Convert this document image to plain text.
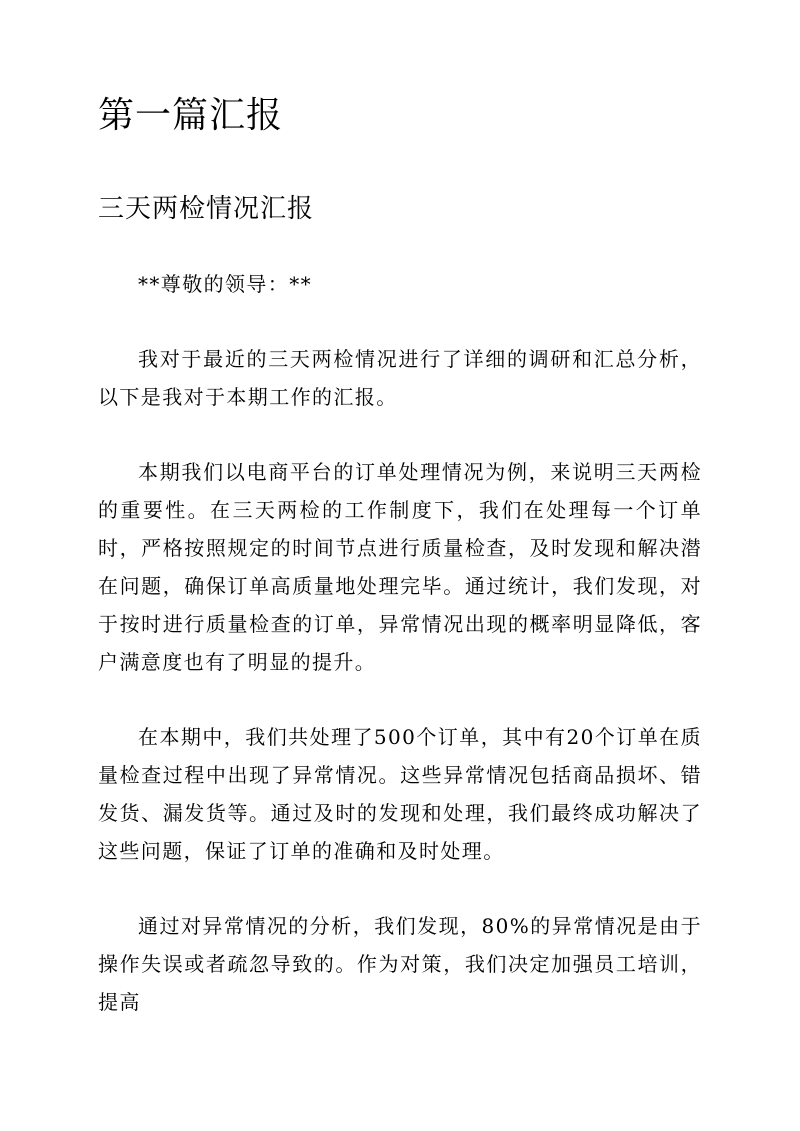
第一篇汇报
三天两检情况汇报

**尊敬的领导：**

我对于最近的三天两检情况进行了详细的调研和汇总分析，以下是我对于本期工作的汇报。

本期我们以电商平台的订单处理情况为例，来说明三天两检的重要性。在三天两检的工作制度下，我们在处理每一个订单时，严格按照规定的时间节点进行质量检查，及时发现和解决潜在问题，确保订单高质量地处理完毕。通过统计，我们发现，对于按时进行质量检查的订单，异常情况出现的概率明显降低，客户满意度也有了明显的提升。

在本期中，我们共处理了500个订单，其中有20个订单在质量检查过程中出现了异常情况。这些异常情况包括商品损坏、错发货、漏发货等。通过及时的发现和处理，我们最终成功解决了这些问题，保证了订单的准确和及时处理。

通过对异常情况的分析，我们发现，80%的异常情况是由于操作失误或者疏忽导致的。作为对策，我们决定加强员工培训，提高
